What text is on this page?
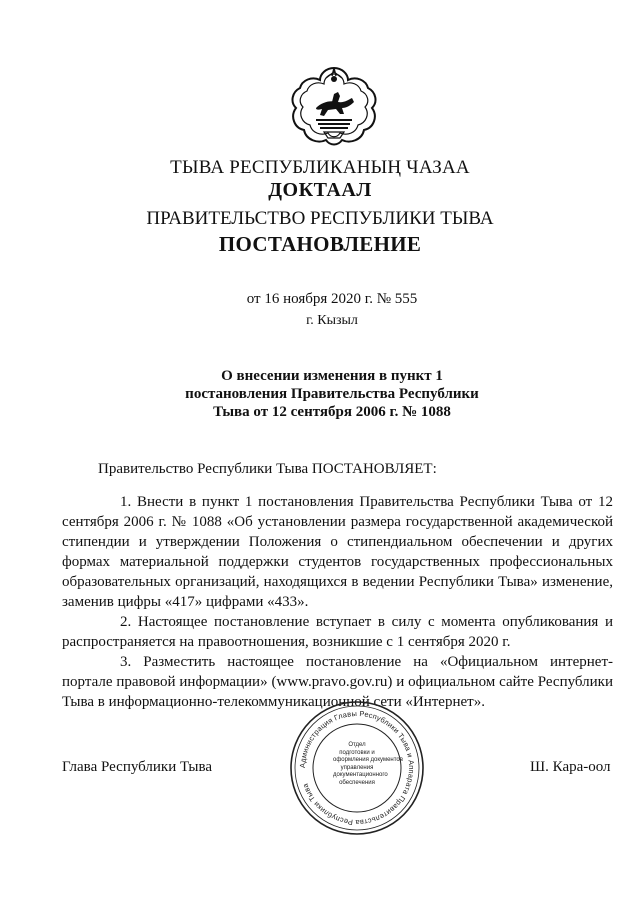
ТЫВА РЕСПУБЛИКАНЫҢ ЧАЗАА
ДОКТААЛ
ПРАВИТЕЛЬСТВО РЕСПУБЛИКИ ТЫВА
ПОСТАНОВЛЕНИЕ
от 16 ноября 2020 г. № 555
г. Кызыл
О внесении изменения в пункт 1
постановления Правительства Республики
Тыва от 12 сентября 2006 г. № 1088
Правительство Республики Тыва ПОСТАНОВЛЯЕТ:

1. Внести в пункт 1 постановления Правительства Республики Тыва от 12 сентября 2006 г. № 1088 «Об установлении размера государственной академической стипендии и утверждении Положения о стипендиальном обеспечении и других формах материальной поддержки студентов государственных профессиональных образовательных организаций, находящихся в ведении Республики Тыва» изменение, заменив цифры «417» цифрами «433».

2. Настоящее постановление вступает в силу с момента опубликования и распространяется на правоотношения, возникшие с 1 сентября 2020 г.

3. Разместить настоящее постановление на «Официальном интернет-портале правовой информации» (www.pravo.gov.ru) и официальном сайте Республики Тыва в информационно-телекоммуникационной сети «Интернет».

Глава Республики Тыва	Ш. Кара-оол
Администрация Главы Республики Тыва и Аппарата Правительства Республики Тыва
Отдел
подготовки и
оформления документов
управления
документационного
обеспечения
